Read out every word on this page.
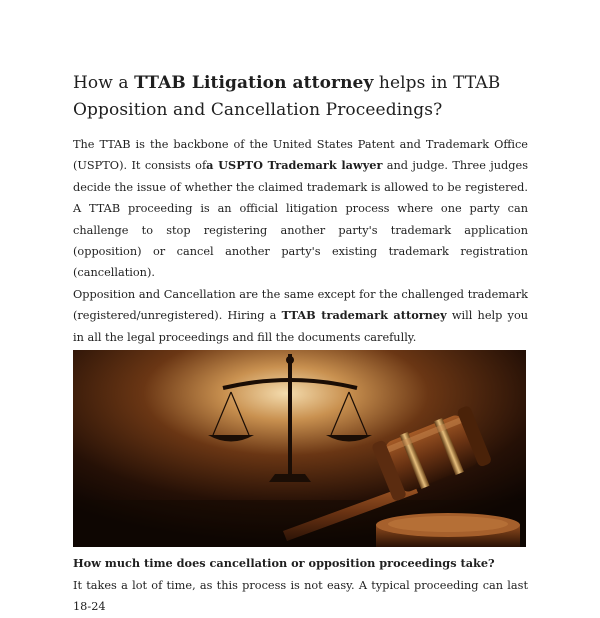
How a TTAB Litigation attorney helps in TTAB Opposition and Cancellation Proceedings?

The TTAB is the backbone of the United States Patent and Trademark Office (USPTO). It consists ofa USPTO Trademark lawyer and judge. Three judges decide the issue of whether the claimed trademark is allowed to be registered. A TTAB proceeding is an official litigation process where one party can challenge to stop registering another party's trademark application (opposition) or cancel another party's existing trademark registration (cancellation).

Opposition and Cancellation are the same except for the challenged trademark (registered/unregistered). Hiring a TTAB trademark attorney will help you in all the legal proceedings and fill the documents carefully.

How much time does cancellation or opposition proceedings take?

It takes a lot of time, as this process is not easy. A typical proceeding can last 18-24
